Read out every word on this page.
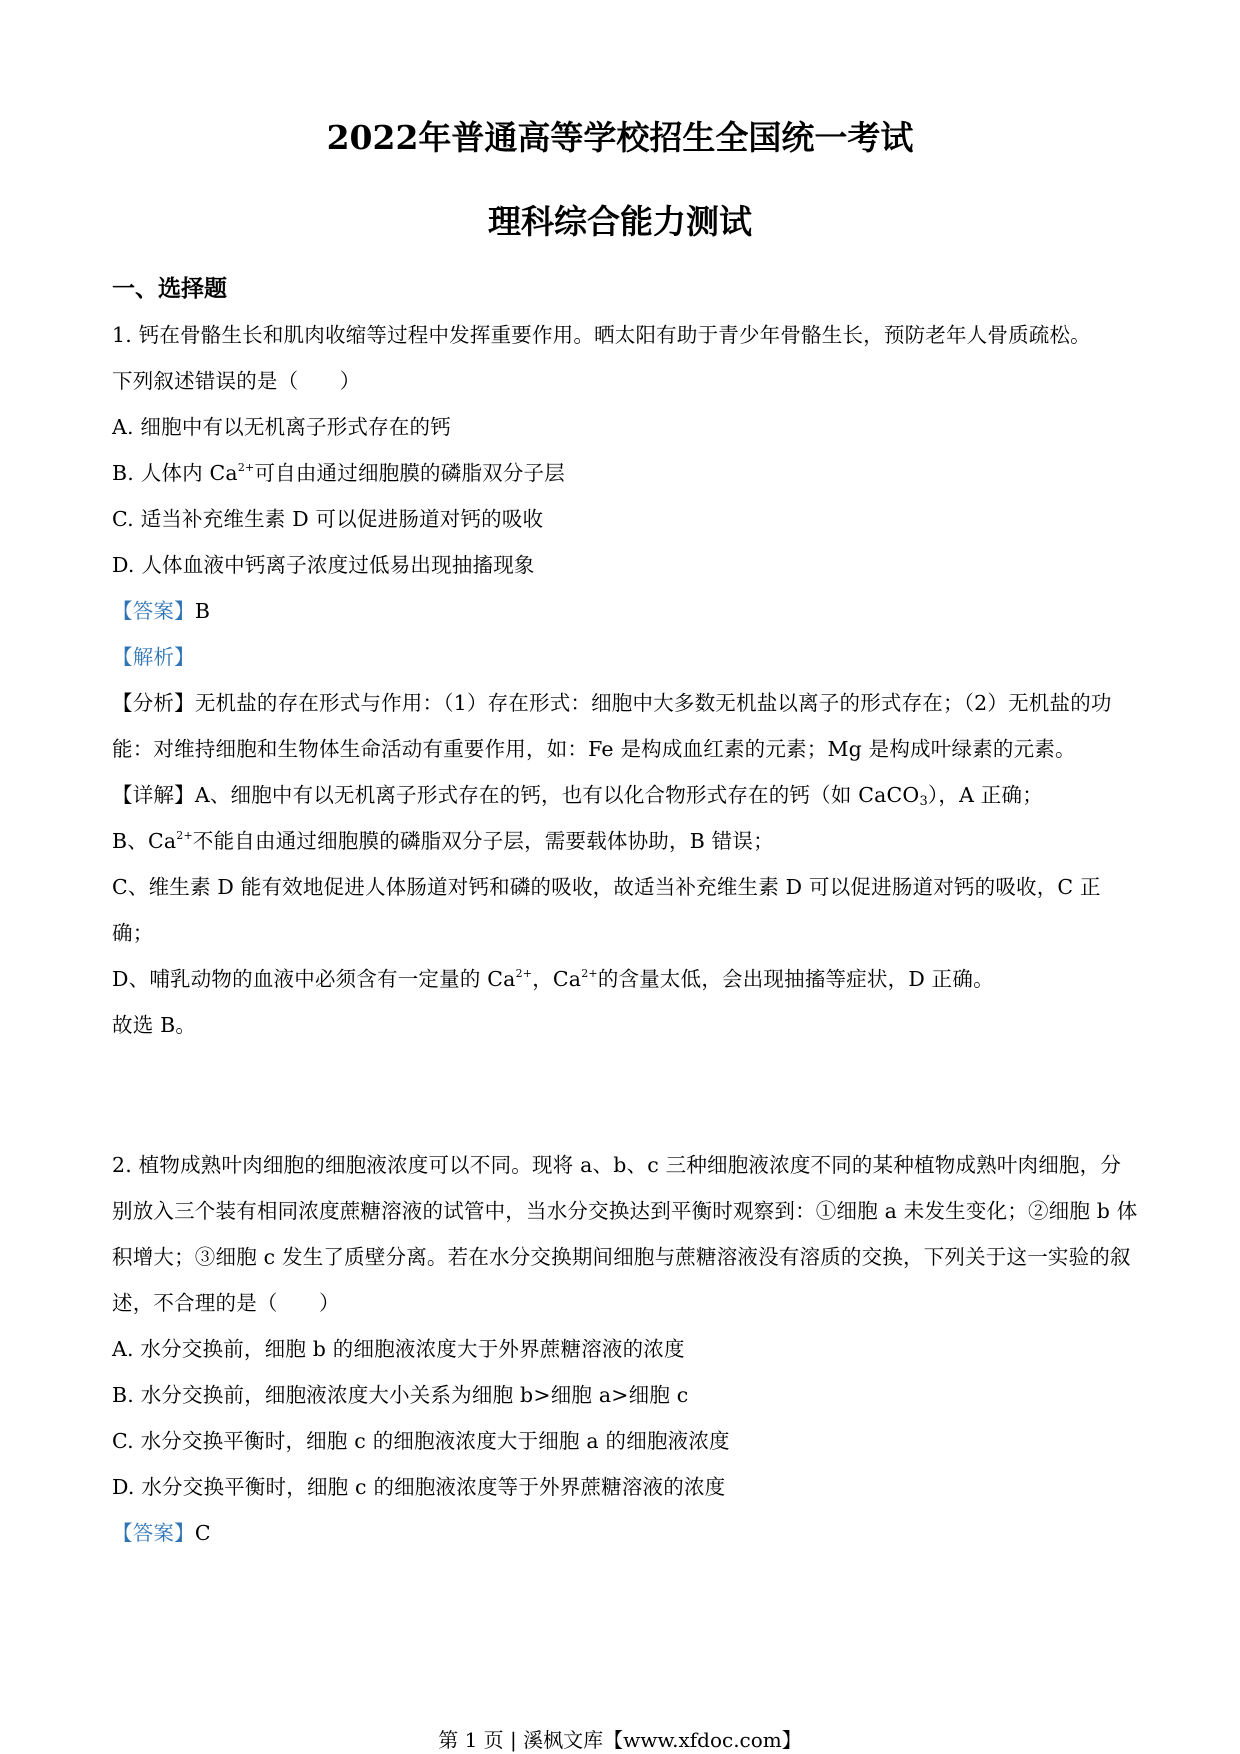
2022年普通高等学校招生全国统一考试
理科综合能力测试
一、选择题
1. 钙在骨骼生长和肌肉收缩等过程中发挥重要作用。晒太阳有助于青少年骨骼生长，预防老年人骨质疏松。
下列叙述错误的是（　　）
A. 细胞中有以无机离子形式存在的钙
B. 人体内 $Ca^{2+}$可自由通过细胞膜的磷脂双分子层
C. 适当补充维生素 D 可以促进肠道对钙的吸收
D. 人体血液中钙离子浓度过低易出现抽搐现象
【答案】B
【解析】
【分析】无机盐的存在形式与作用：（1）存在形式：细胞中大多数无机盐以离子的形式存在；（2）无机盐的功能：对维持细胞和生物体生命活动有重要作用，如：Fe 是构成血红素的元素；Mg 是构成叶绿素的元素。
【详解】A、细胞中有以无机离子形式存在的钙，也有以化合物形式存在的钙（如 CaCO$_3$），A 正确；
B、$Ca^{2+}$不能自由通过细胞膜的磷脂双分子层，需要载体协助，B 错误；
C、维生素 D 能有效地促进人体肠道对钙和磷的吸收，故适当补充维生素 D 可以促进肠道对钙的吸收，C 正确；
D、哺乳动物的血液中必须含有一定量的 $Ca^{2+}$，$Ca^{2+}$的含量太低，会出现抽搐等症状，D 正确。
故选 B。
2. 植物成熟叶肉细胞的细胞液浓度可以不同。现将 a、b、c 三种细胞液浓度不同的某种植物成熟叶肉细胞，分别放入三个装有相同浓度蔗糖溶液的试管中，当水分交换达到平衡时观察到：①细胞 a 未发生变化；②细胞 b 体积增大；③细胞 c 发生了质壁分离。若在水分交换期间细胞与蔗糖溶液没有溶质的交换，下列关于这一实验的叙述，不合理的是（　　）
A. 水分交换前，细胞 b 的细胞液浓度大于外界蔗糖溶液的浓度
B. 水分交换前，细胞液浓度大小关系为细胞 b>细胞 a>细胞 c
C. 水分交换平衡时，细胞 c 的细胞液浓度大于细胞 a 的细胞液浓度
D. 水分交换平衡时，细胞 c 的细胞液浓度等于外界蔗糖溶液的浓度
【答案】C
第 1 页 | 溪枫文库【www.xfdoc.com】
